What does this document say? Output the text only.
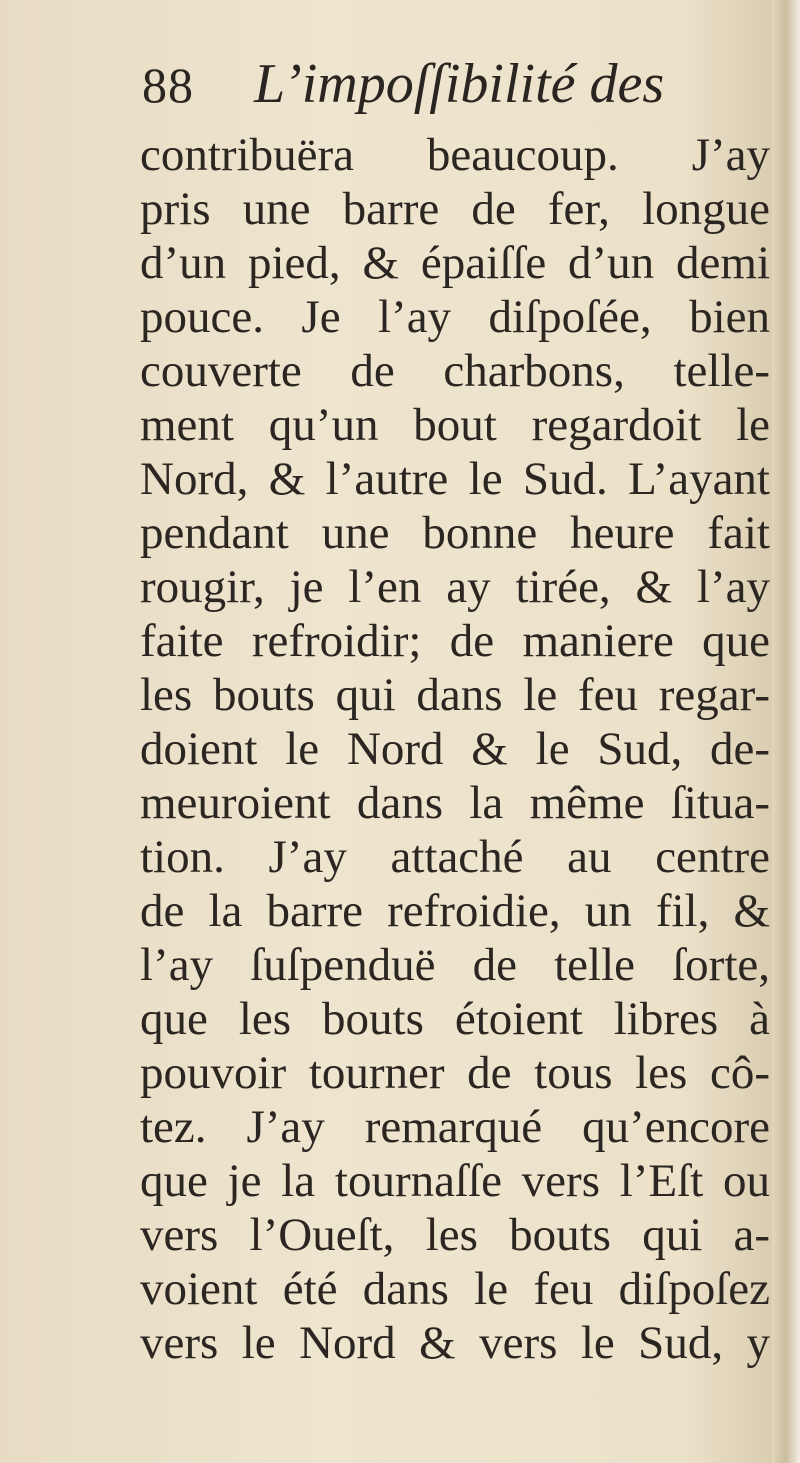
88 L’impoſſibilité des
contribuëra beaucoup. J’ay
pris une barre de fer, longue
d’un pied, & épaiſſe d’un demi
pouce. Je l’ay diſpoſée, bien
couverte de charbons, telle-
ment qu’un bout regardoit le
Nord, & l’autre le Sud. L’ayant
pendant une bonne heure fait
rougir, je l’en ay tirée, & l’ay
faite refroidir; de maniere que
les bouts qui dans le feu regar-
doient le Nord & le Sud, de-
meuroient dans la même ſitua-
tion. J’ay attaché au centre
de la barre refroidie, un fil, &
l’ay ſuſpenduë de telle ſorte,
que les bouts étoient libres à
pouvoir tourner de tous les cô-
tez. J’ay remarqué qu’encore
que je la tournaſſe vers l’Eſt ou
vers l’Oueſt, les bouts qui a-
voient été dans le feu diſpoſez
vers le Nord & vers le Sud, y
